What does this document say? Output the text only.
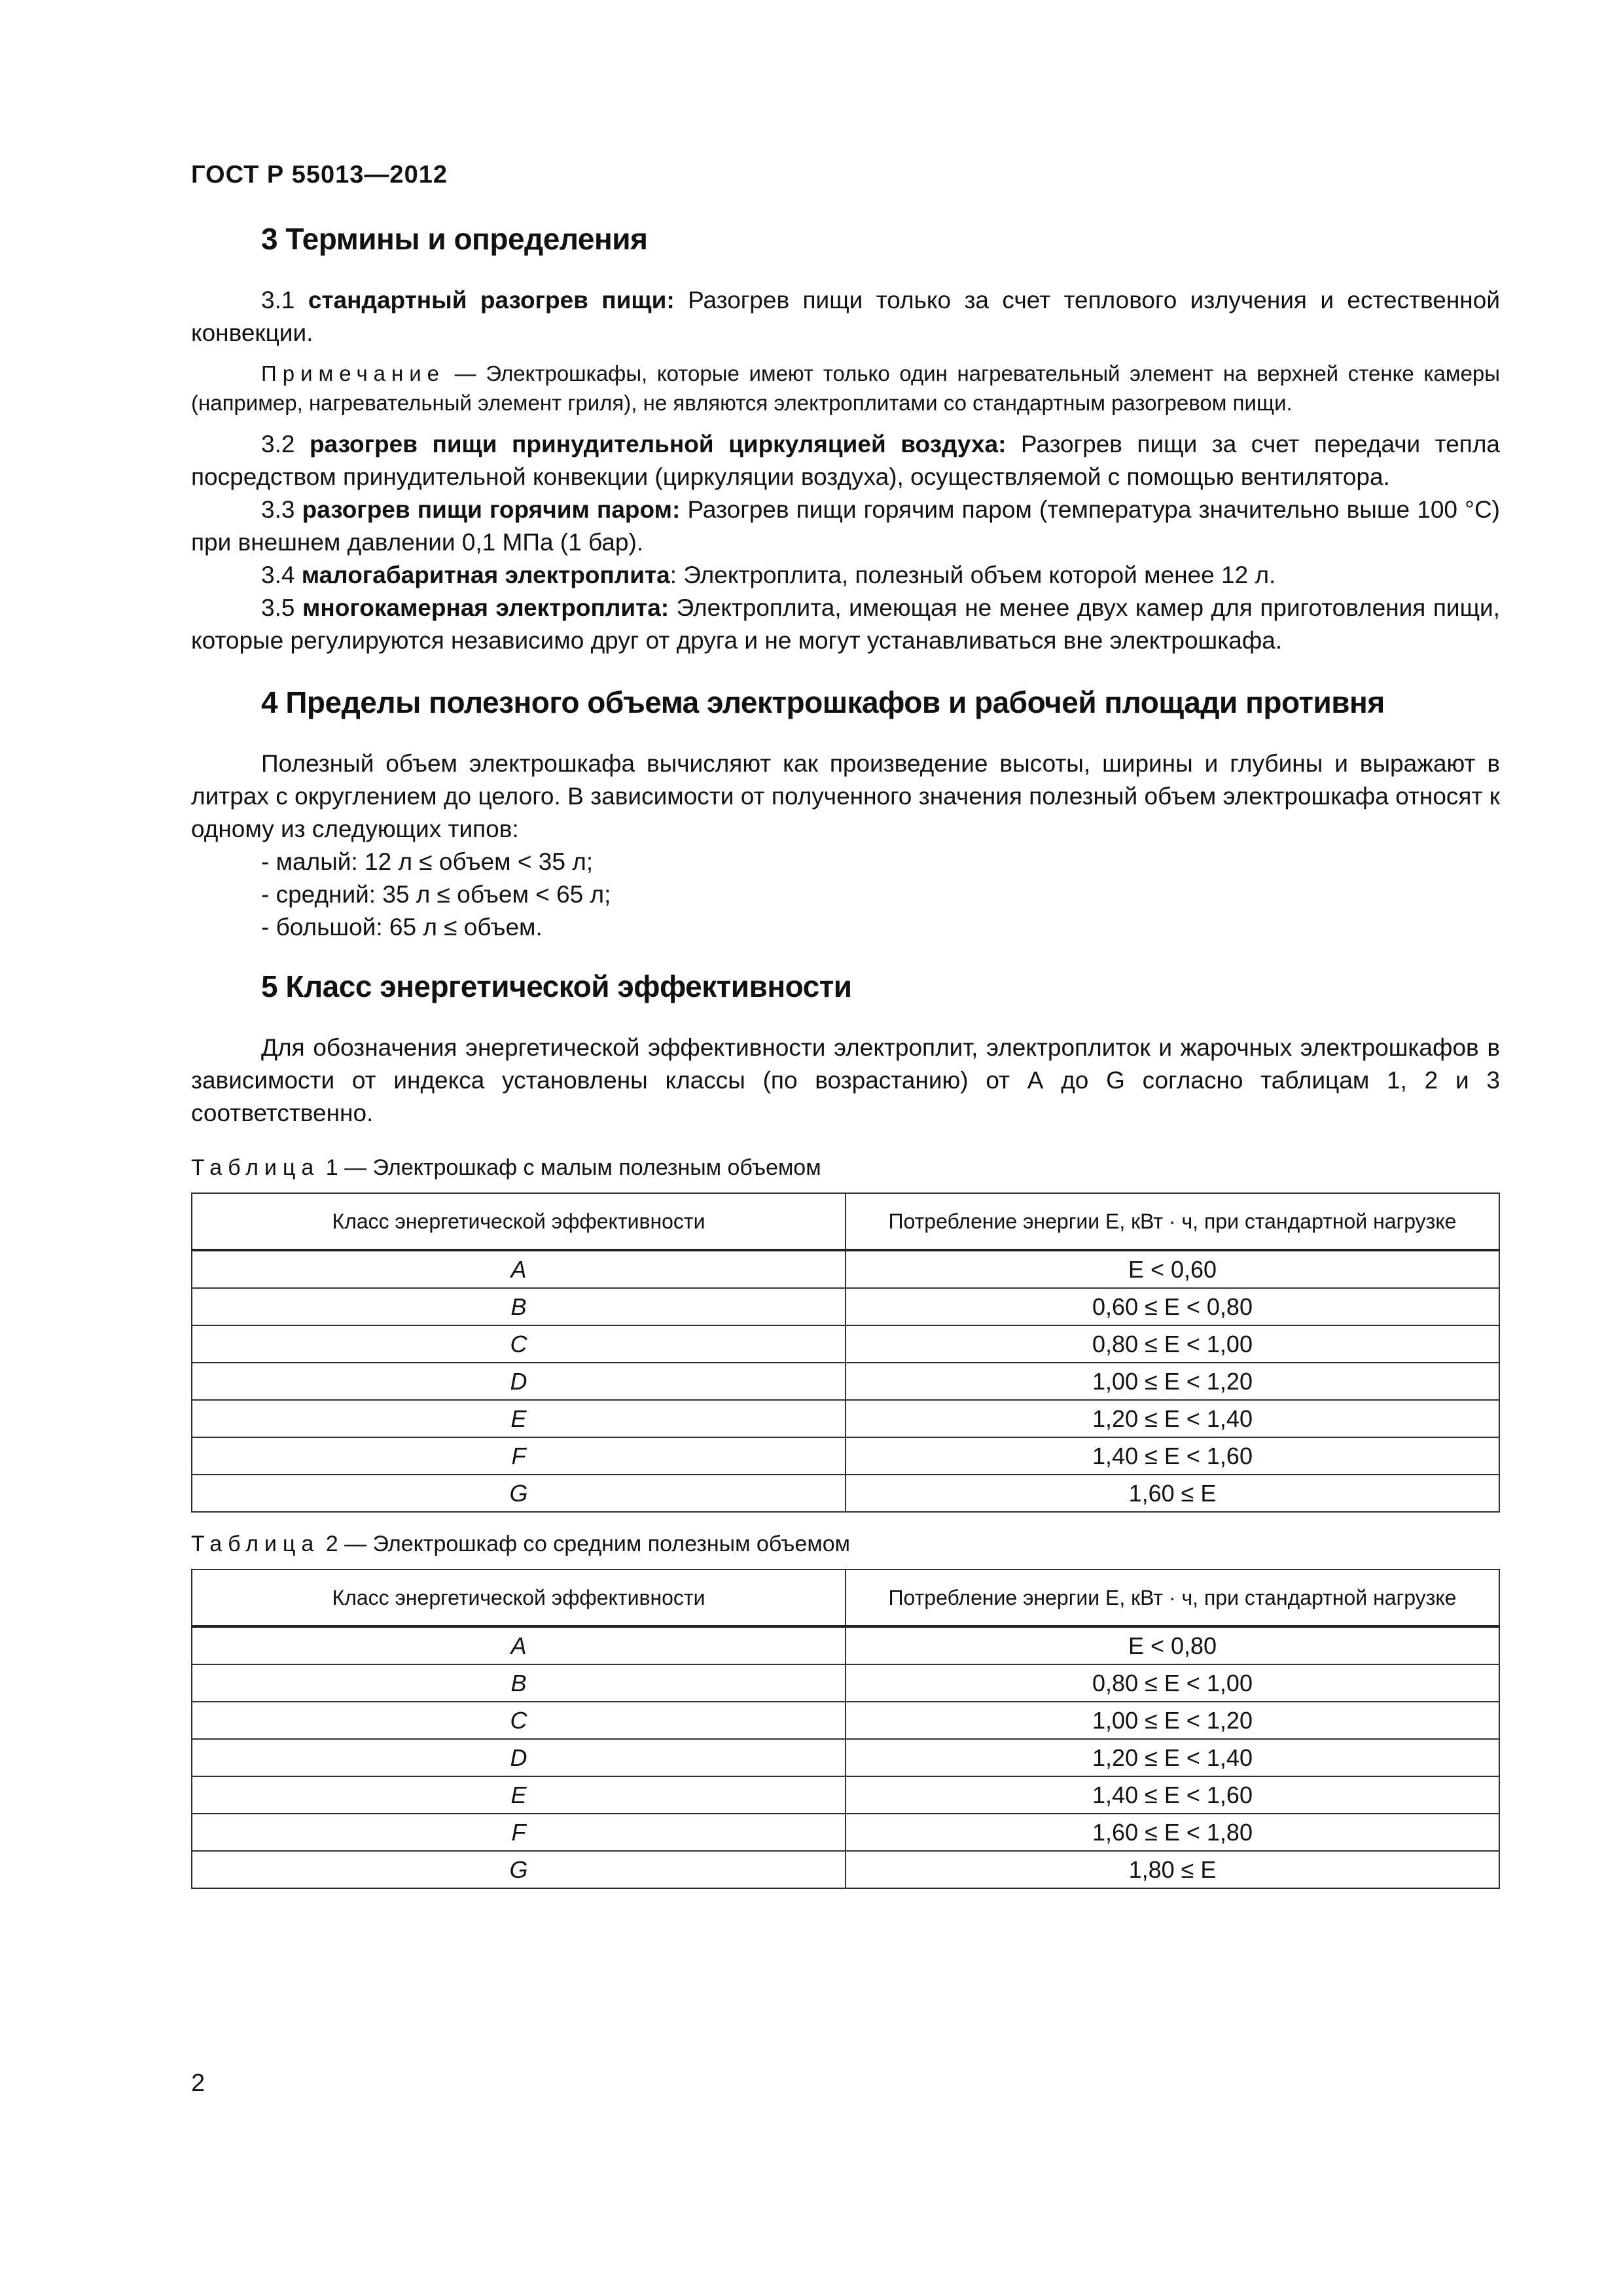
ГОСТ Р 55013—2012
3 Термины и определения

3.1 стандартный разогрев пищи: Разогрев пищи только за счет теплового излучения и естественной конвекции.

Примечание — Электрошкафы, которые имеют только один нагревательный элемент на верхней стенке камеры (например, нагревательный элемент гриля), не являются электроплитами со стандартным разогревом пищи.

3.2 разогрев пищи принудительной циркуляцией воздуха: Разогрев пищи за счет передачи тепла посредством принудительной конвекции (циркуляции воздуха), осуществляемой с помощью вентилятора.

3.3 разогрев пищи горячим паром: Разогрев пищи горячим паром (температура значительно выше 100 °С) при внешнем давлении 0,1 МПа (1 бар).

3.4 малогабаритная электроплита: Электроплита, полезный объем которой менее 12 л.

3.5 многокамерная электроплита: Электроплита, имеющая не менее двух камер для приготовления пищи, которые регулируются независимо друг от друга и не могут устанавливаться вне электрошкафа.

4 Пределы полезного объема электрошкафов и рабочей площади противня

Полезный объем электрошкафа вычисляют как произведение высоты, ширины и глубины и выражают в литрах с округлением до целого. В зависимости от полученного значения полезный объем электрошкафа относят к одному из следующих типов:

- малый: 12 л ≤ объем < 35 л;

- средний: 35 л ≤ объем < 65 л;

- большой: 65 л ≤ объем.

5 Класс энергетической эффективности

Для обозначения энергетической эффективности электроплит, электроплиток и жарочных электрошкафов в зависимости от индекса установлены классы (по возрастанию) от А до G согласно таблицам 1, 2 и 3 соответственно.

Таблица 1 — Электрошкаф с малым полезным объемом
Класс энергетической эффективности	Потребление энергии E, кВт · ч, при стандартной нагрузке
A	E < 0,60
B	0,60 ≤ E < 0,80
C	0,80 ≤ E < 1,00
D	1,00 ≤ E < 1,20
E	1,20 ≤ E < 1,40
F	1,40 ≤ E < 1,60
G	1,60 ≤ E
Таблица 2 — Электрошкаф со средним полезным объемом
Класс энергетической эффективности	Потребление энергии E, кВт · ч, при стандартной нагрузке
A	E < 0,80
B	0,80 ≤ E < 1,00
C	1,00 ≤ E < 1,20
D	1,20 ≤ E < 1,40
E	1,40 ≤ E < 1,60
F	1,60 ≤ E < 1,80
G	1,80 ≤ E
2
